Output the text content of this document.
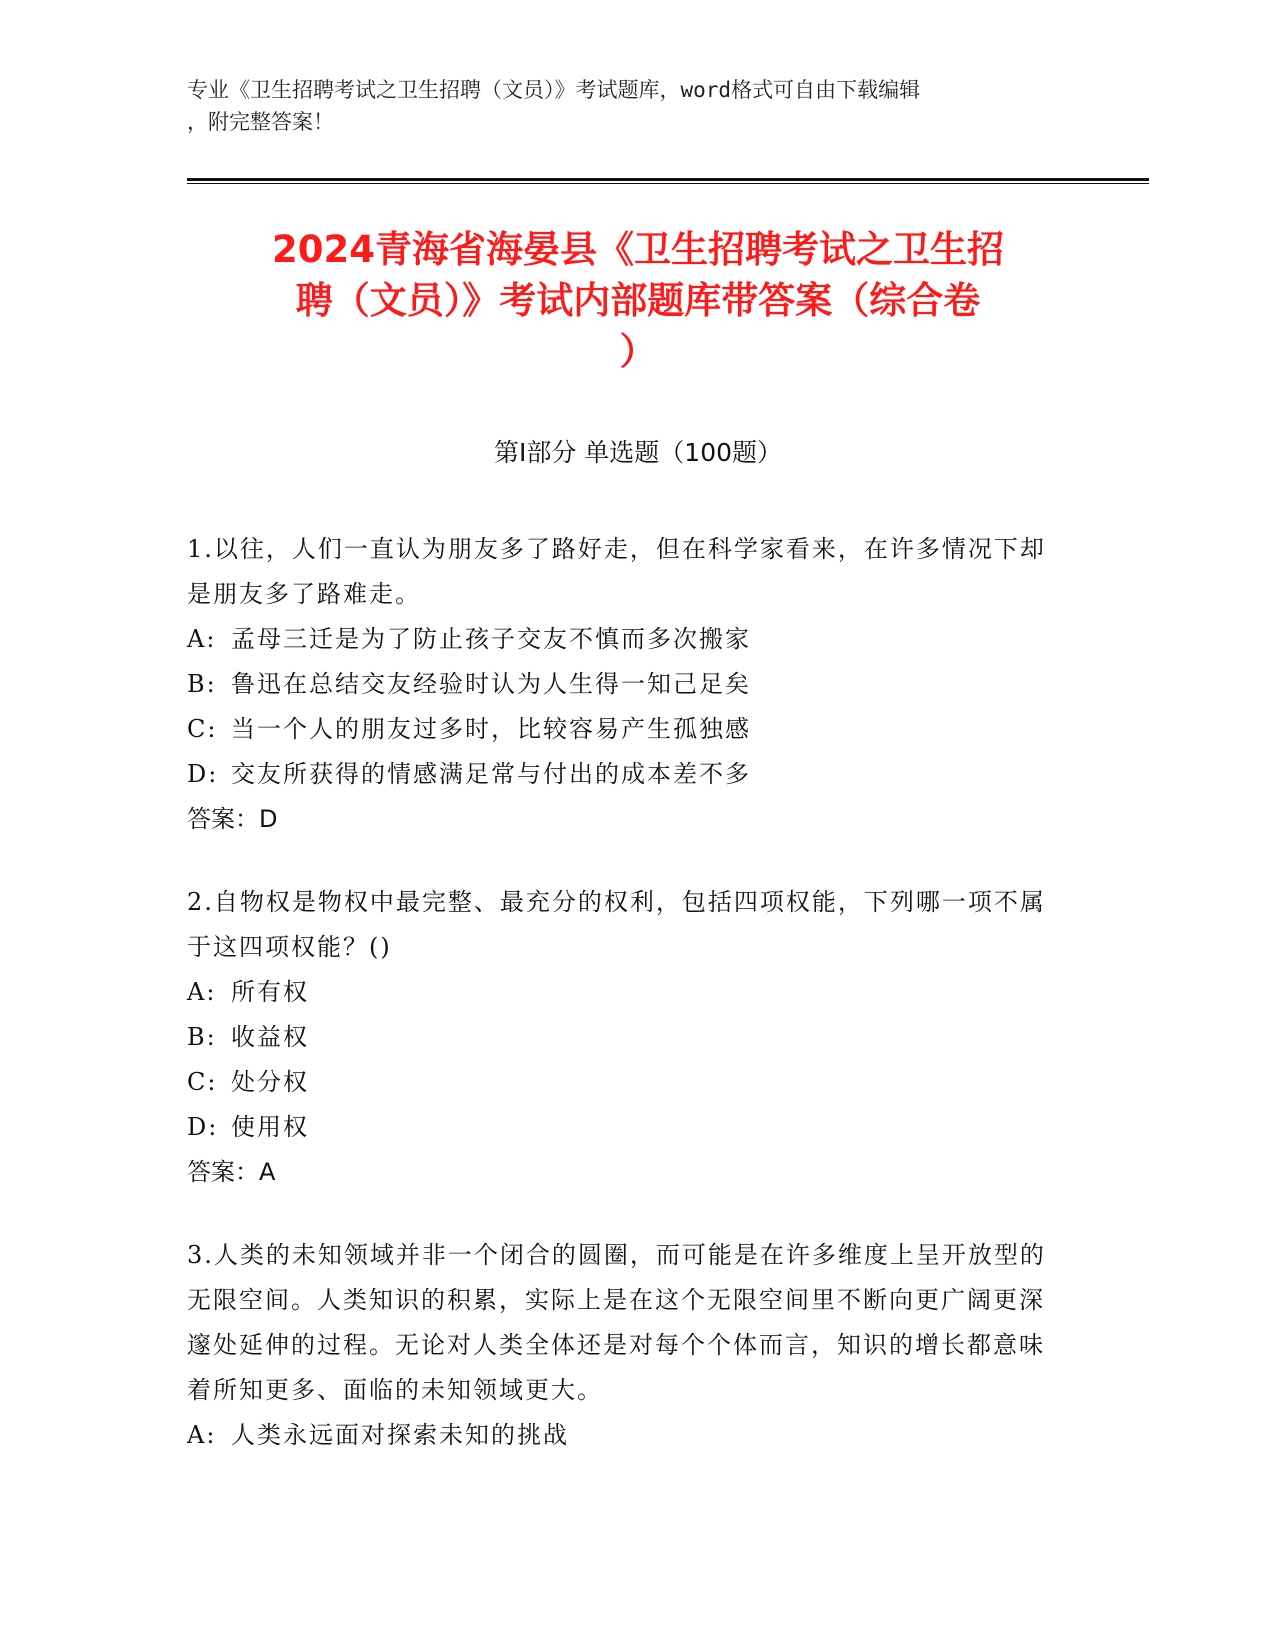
专业《卫生招聘考试之卫生招聘（文员）》考试题库，word格式可自由下载编辑
，附完整答案！
2024青海省海晏县《卫生招聘考试之卫生招
聘（文员）》考试内部题库带答案（综合卷
）
第I部分 单选题（100题）

1.以往，人们一直认为朋友多了路好走，但在科学家看来，在许多情况下却是朋友多了路难走。

A: 孟母三迁是为了防止孩子交友不慎而多次搬家

B: 鲁迅在总结交友经验时认为人生得一知己足矣

C: 当一个人的朋友过多时，比较容易产生孤独感

D: 交友所获得的情感满足常与付出的成本差不多

答案：D

2.自物权是物权中最完整、最充分的权利，包括四项权能，下列哪一项不属于这四项权能？()

A: 所有权

B: 收益权

C: 处分权

D: 使用权

答案：A

3.人类的未知领域并非一个闭合的圆圈，而可能是在许多维度上呈开放型的无限空间。人类知识的积累，实际上是在这个无限空间里不断向更广阔更深邃处延伸的过程。无论对人类全体还是对每个个体而言，知识的增长都意味着所知更多、面临的未知领域更大。

A: 人类永远面对探索未知的挑战
